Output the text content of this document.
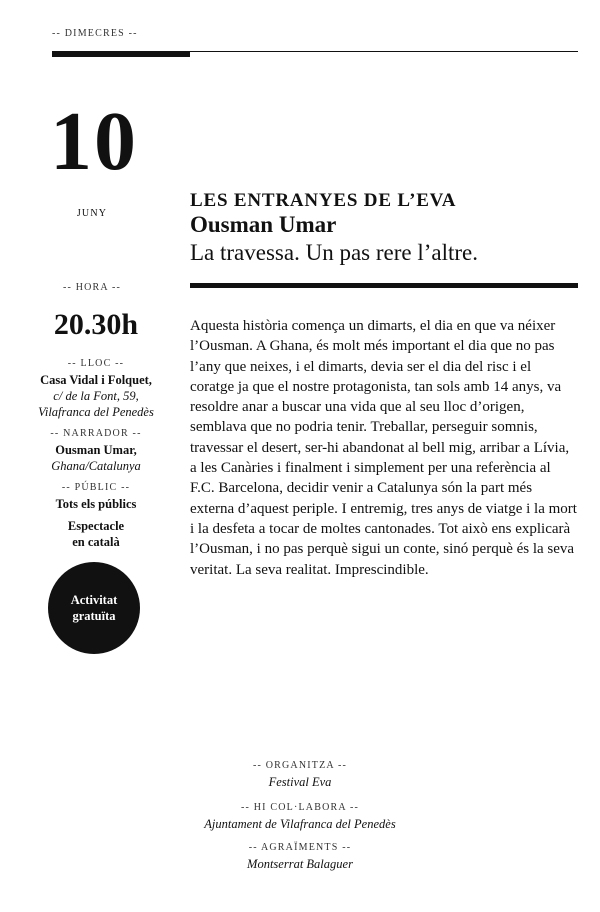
-- DIMECRES --
10
JUNY
-- HORA --
20.30h
-- LLOC --
Casa Vidal i Folquet,
c/ de la Font, 59,
Vilafranca del Penedès
-- NARRADOR --
Ousman Umar,
Ghana/Catalunya
-- PÚBLIC --
Tots els públics
Espectacle
en català
Activitat
gratuïta
LES ENTRANYES DE L’EVA
Ousman Umar
La travessa. Un pas rere l’altre.
Aquesta història comença un dimarts, el dia en que va néixer l’Ousman. A Ghana, és molt més important el dia que no pas l’any que neixes, i el dimarts, devia ser el dia del risc i el coratge ja que el nostre protagonista, tan sols amb 14 anys, va resoldre anar a buscar una vida que al seu lloc d’origen, semblava que no podria tenir. Treballar, perseguir somnis, travessar el desert, ser-hi abandonat al bell mig, arribar a Lívia, a les Canàries i finalment i simplement per una referència al F.C. Barcelona, decidir venir a Catalunya són la part més externa d’aquest periple. I entremig, tres anys de viatge i la mort i la desfeta a tocar de moltes cantonades. Tot això ens explicarà l’Ousman, i no pas perquè sigui un conte, sinó perquè és la seva veritat. La seva realitat. Imprescindible.
-- ORGANITZA --
Festival Eva
-- HI COL·LABORA --
Ajuntament de Vilafranca del Penedès
-- AGRAÏMENTS --
Montserrat Balaguer
